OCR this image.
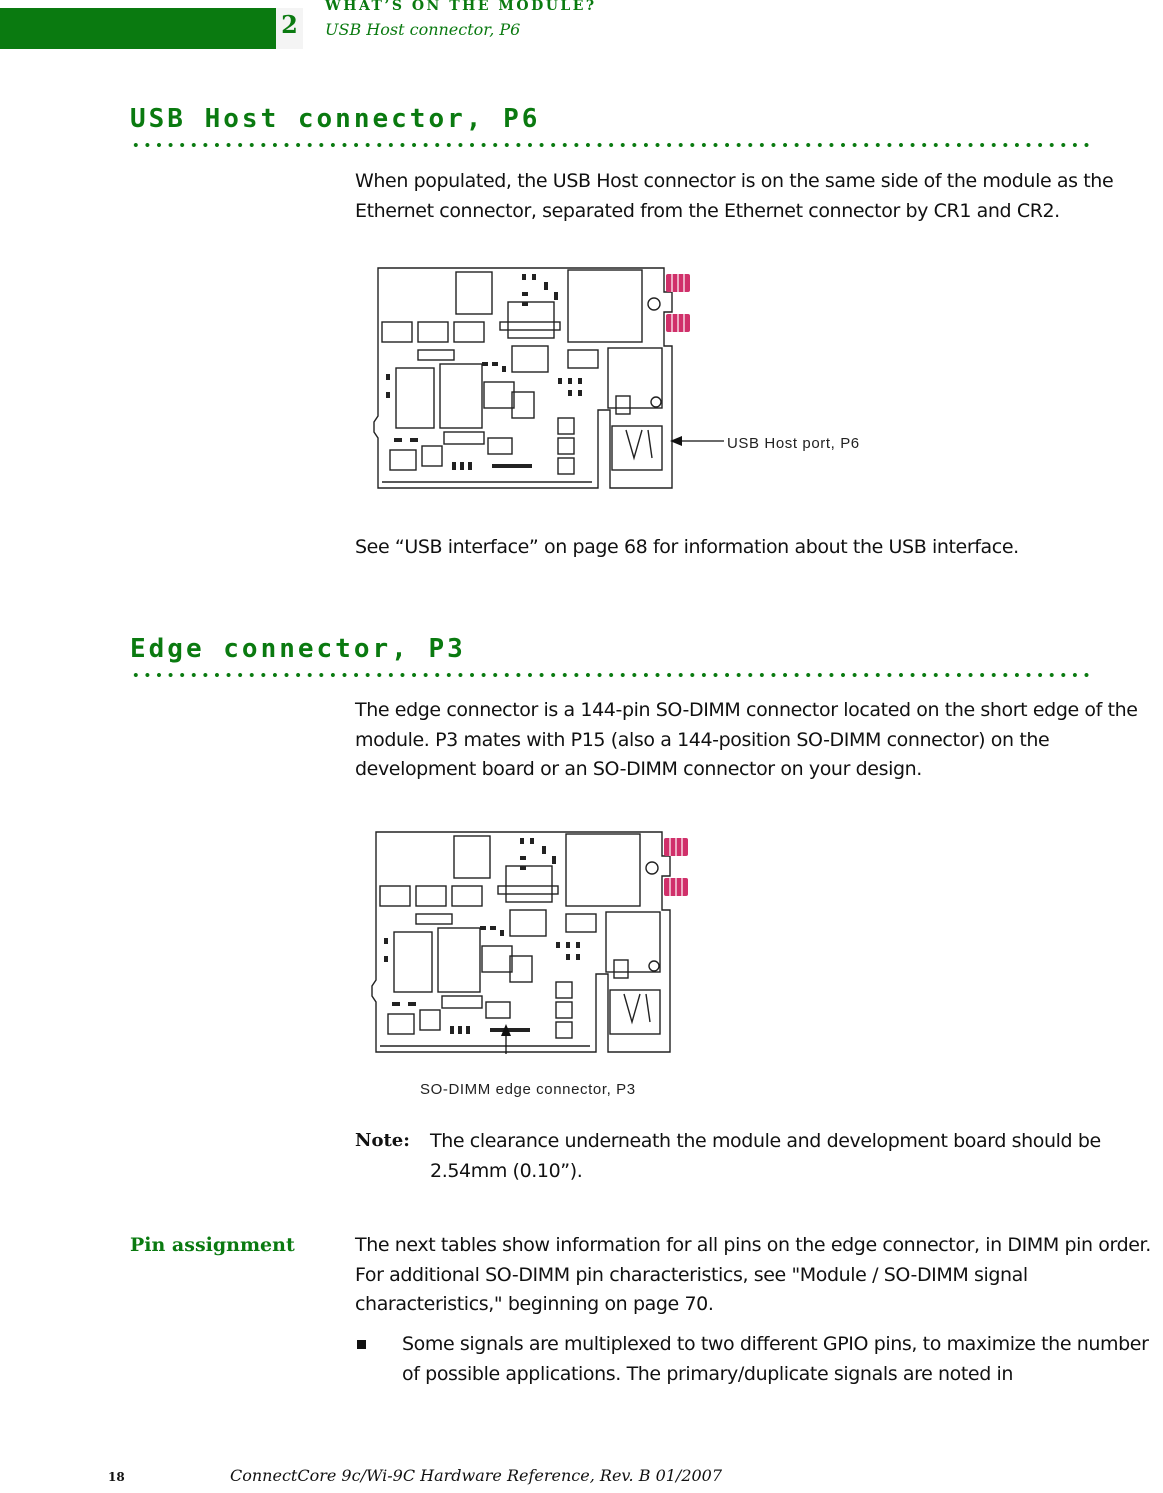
2
WHAT’S ON THE MODULE?
USB Host connector, P6
USB Host connector, P6
When populated, the USB Host connector is on the same side of the module as the Ethernet connector, separated from the Ethernet connector by CR1 and CR2.
USB Host port, P6
See “USB interface” on page 68 for information about the USB interface.
Edge connector, P3
The edge connector is a 144-pin SO-DIMM connector located on the short edge of the module. P3 mates with P15 (also a 144-position SO-DIMM connector) on the development board or an SO-DIMM connector on your design.
SO-DIMM edge connector, P3
Note:	The clearance underneath the module and development board should be 2.54mm (0.10”).
Pin assignment	The next tables show information for all pins on the edge connector, in DIMM pin order. For additional SO-DIMM pin characteristics, see "Module / SO-DIMM signal characteristics," beginning on page 70.
Some signals are multiplexed to two different GPIO pins, to maximize the number of possible applications. The primary/duplicate signals are noted in
18	ConnectCore 9c/Wi-9C Hardware Reference, Rev. B 01/2007
